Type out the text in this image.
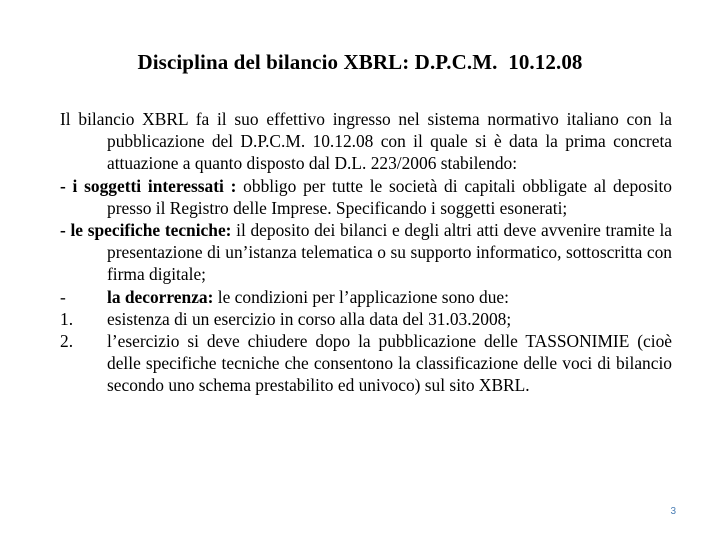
Disciplina del bilancio XBRL: D.P.C.M.  10.12.08

Il bilancio XBRL fa il suo effettivo ingresso nel sistema normativo italiano con la pubblicazione del D.P.C.M. 10.12.08 con il quale si è data la prima concreta attuazione a quanto disposto dal D.L. 223/2006 stabilendo:

- i soggetti interessati : obbligo per tutte le società di capitali obbligate al deposito presso il Registro delle Imprese. Specificando i soggetti esonerati;

- le specifiche tecniche: il deposito dei bilanci e degli altri atti deve avvenire tramite la presentazione di un’istanza telematica o su supporto informatico, sottoscritta con firma digitale;

-	la decorrenza: le condizioni per l’applicazione sono due:
1.	esistenza di un esercizio in corso alla data del 31.03.2008;
2.	l’esercizio si deve chiudere dopo la pubblicazione delle TASSONIMIE (cioè delle specifiche tecniche che consentono la classificazione delle voci di bilancio secondo uno schema prestabilito ed univoco) sul sito XBRL.
3
